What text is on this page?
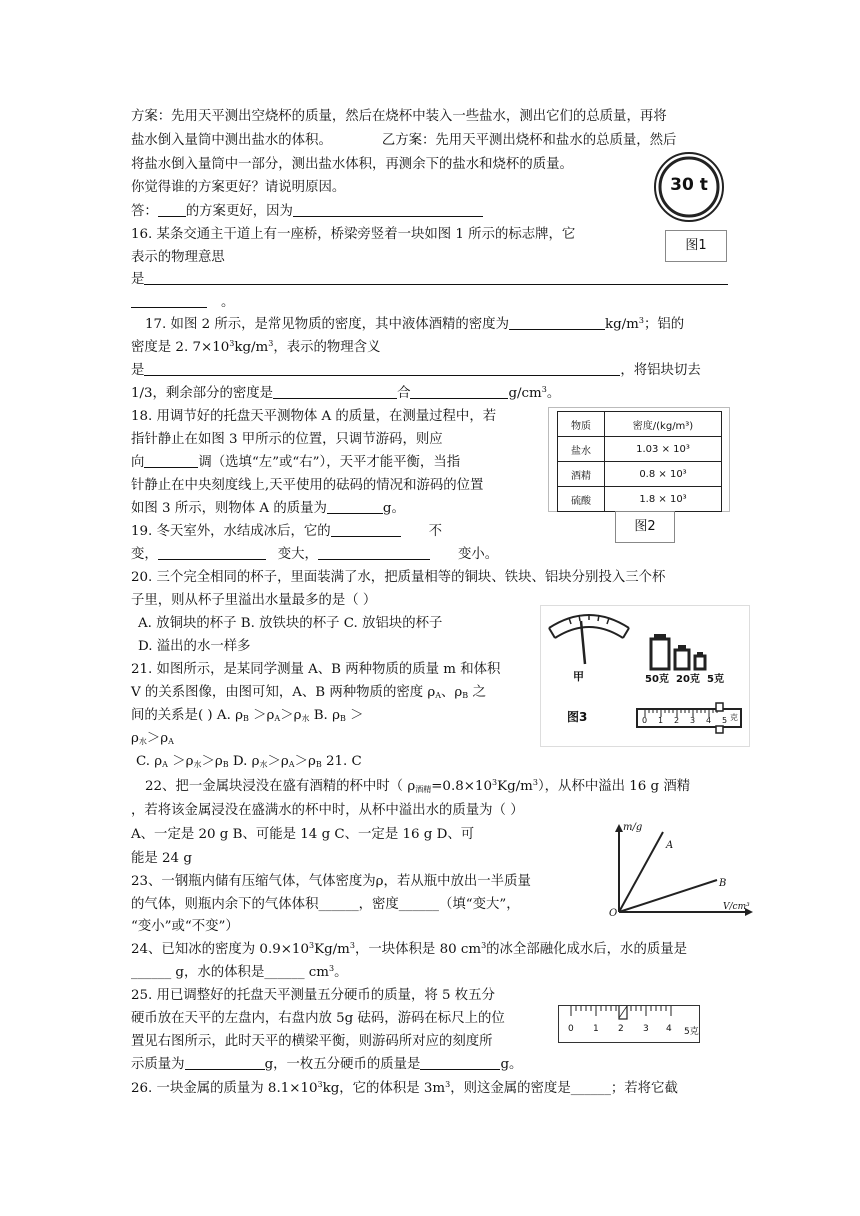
方案：先用天平测出空烧杯的质量，然后在烧杯中装入一些盐水，测出它们的总质量，再将
盐水倒入量筒中测出盐水的体积。	乙方案：先用天平测出烧杯和盐水的总质量，然后
将盐水倒入量筒中一部分，测出盐水体积，再测余下的盐水和烧杯的质量。
你觉得谁的方案更好？请说明原因。
答： 的方案更好，因为
16. 某条交通主干道上有一座桥，桥梁旁竖着一块如图 1 所示的标志牌，它
表示的物理意思
是
。
17. 如图 2 所示，是常见物质的密度，其中液体酒精的密度为	$kg/m^3$；铝的
密度是 2. $7\times 10^3kg/m^3$，表示的物理含义
是	，将铝块切去
1/3，剩余部分的密度是	合	$g/cm^3$。
18. 用调节好的托盘天平测物体 A 的质量，在测量过程中，若
指针静止在如图 3 甲所示的位置，只调节游码，则应
向	调（选填“左”或“右”），天平才能平衡，当指
针静止在中央刻度线上,天平使用的砝码的情况和游码的位置
如图 3 所示，则物体 A 的质量为	g。
19. 冬天室外，水结成冰后，它的	不
变，	变大，	变小。
20. 三个完全相同的杯子，里面装满了水，把质量相等的铜块、铁块、铝块分别投入三个杯
子里，则从杯子里溢出水量最多的是（ ）
A. 放铜块的杯子 B. 放铁块的杯子 C. 放铝块的杯子
D. 溢出的水一样多
21. 如图所示，是某同学测量 A、B 两种物质的质量 m 和体积
V 的关系图像，由图可知，A、B 两种物质的密度 $\rho_A$、$\rho_B$ 之
间的关系是( ) A. $\rho_B >\rho_A>\rho_水$ B. $\rho_B$ ＞
$\rho_水>\rho_A$
C. $\rho_A >\rho_水>\rho_B$ D. $\rho_水>\rho_A>\rho_B$ 21. C
22、把一金属块浸没在盛有酒精的杯中时（ $\rho_{酒精}=0.8\times 10^3Kg/m^3$），从杯中溢出 16 g 酒精
，若将该金属浸没在盛满水的杯中时，从杯中溢出水的质量为（ ）
A、一定是 20 g B、可能是 14 g C、一定是 16 g D、可
能是 24 g
23、一钢瓶内储有压缩气体，气体密度为ρ，若从瓶中放出一半质量
的气体，则瓶内余下的气体体积______，密度______（填“变大”，
“变小”或“不变”）
24、已知冰的密度为 $0.9\times 10^3Kg/m^3$，一块体积是 80 $cm^3$的冰全部融化成水后，水的质量是
______ g，水的体积是______ $cm^3$。
25. 用已调整好的托盘天平测量五分硬币的质量，将 5 枚五分
硬币放在天平的左盘内，右盘内放 5g 砝码，游码在标尺上的位
置见右图所示，此时天平的横梁平衡，则游码所对应的刻度所
示质量为	g，一枚五分硬币的质量是	g。
26. 一块金属的质量为 $8.1\times 10^3kg$，它的体积是 $3m^3$，则这金属的密度是______；若将它截
30 t
图1
物质	密度/(kg/m³)
盐水	1.03 × 10³
酒精	0.8 × 10³
硫酸	1.8 × 10³
图2
甲	50克 20克 5克
图3	0 1 2 3 4 5 克
m/g
A
B
O
V/cm³
0 1 2 3 4 5克
